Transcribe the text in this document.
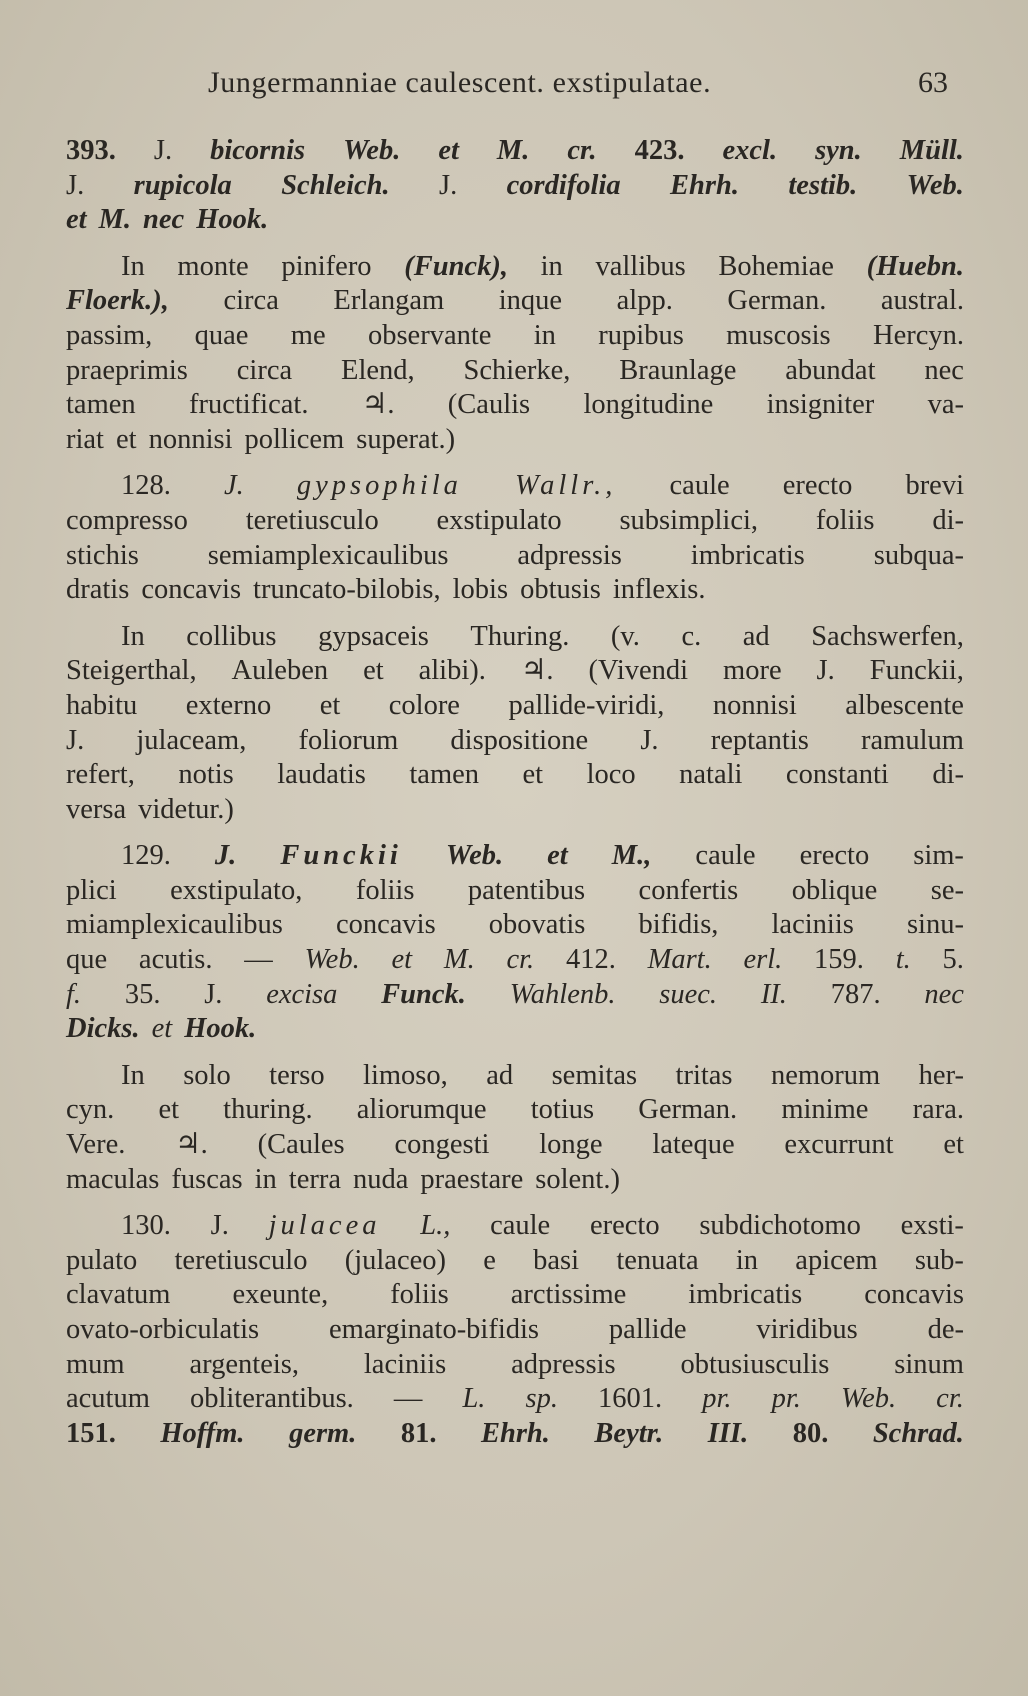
Jungermanniae caulescent. exstipulatae.	63
393. J. bicornis Web. et M. cr. 423. excl. syn. Müll.
J. rupicola Schleich. J. cordifolia Ehrh. testib. Web.
et M. nec Hook.
In monte pinifero (Funck), in vallibus Bohemiae (Huebn.
Floerk.), circa Erlangam inque alpp. German. austral.
passim, quae me observante in rupibus muscosis Hercyn.
praeprimis circa Elend, Schierke, Braunlage abundat nec
tamen fructificat. ♃. (Caulis longitudine insigniter va-
riat et nonnisi pollicem superat.)
128. J. gypsophila Wallr., caule erecto brevi
compresso teretiusculo exstipulato subsimplici, foliis di-
stichis semiamplexicaulibus adpressis imbricatis subqua-
dratis concavis truncato-bilobis, lobis obtusis inflexis.
In collibus gypsaceis Thuring. (v. c. ad Sachswerfen,
Steigerthal, Auleben et alibi). ♃. (Vivendi more J. Funckii,
habitu externo et colore pallide-viridi, nonnisi albescente
J. julaceam, foliorum dispositione J. reptantis ramulum
refert, notis laudatis tamen et loco natali constanti di-
versa videtur.)
129. J. Funckii Web. et M., caule erecto sim-
plici exstipulato, foliis patentibus confertis oblique se-
miamplexicaulibus concavis obovatis bifidis, laciniis sinu-
que acutis. — Web. et M. cr. 412. Mart. erl. 159. t. 5.
f. 35. J. excisa Funck. Wahlenb. suec. II. 787. nec
Dicks. et Hook.
In solo terso limoso, ad semitas tritas nemorum her-
cyn. et thuring. aliorumque totius German. minime rara.
Vere. ♃. (Caules congesti longe lateque excurrunt et
maculas fuscas in terra nuda praestare solent.)
130. J. julacea L., caule erecto subdichotomo exsti-
pulato teretiusculo (julaceo) e basi tenuata in apicem sub-
clavatum exeunte, foliis arctissime imbricatis concavis
ovato-orbiculatis emarginato-bifidis pallide viridibus de-
mum argenteis, laciniis adpressis obtusiusculis sinum
acutum obliterantibus. — L. sp. 1601. pr. pr. Web. cr.
151. Hoffm. germ. 81. Ehrh. Beytr. III. 80. Schrad.
